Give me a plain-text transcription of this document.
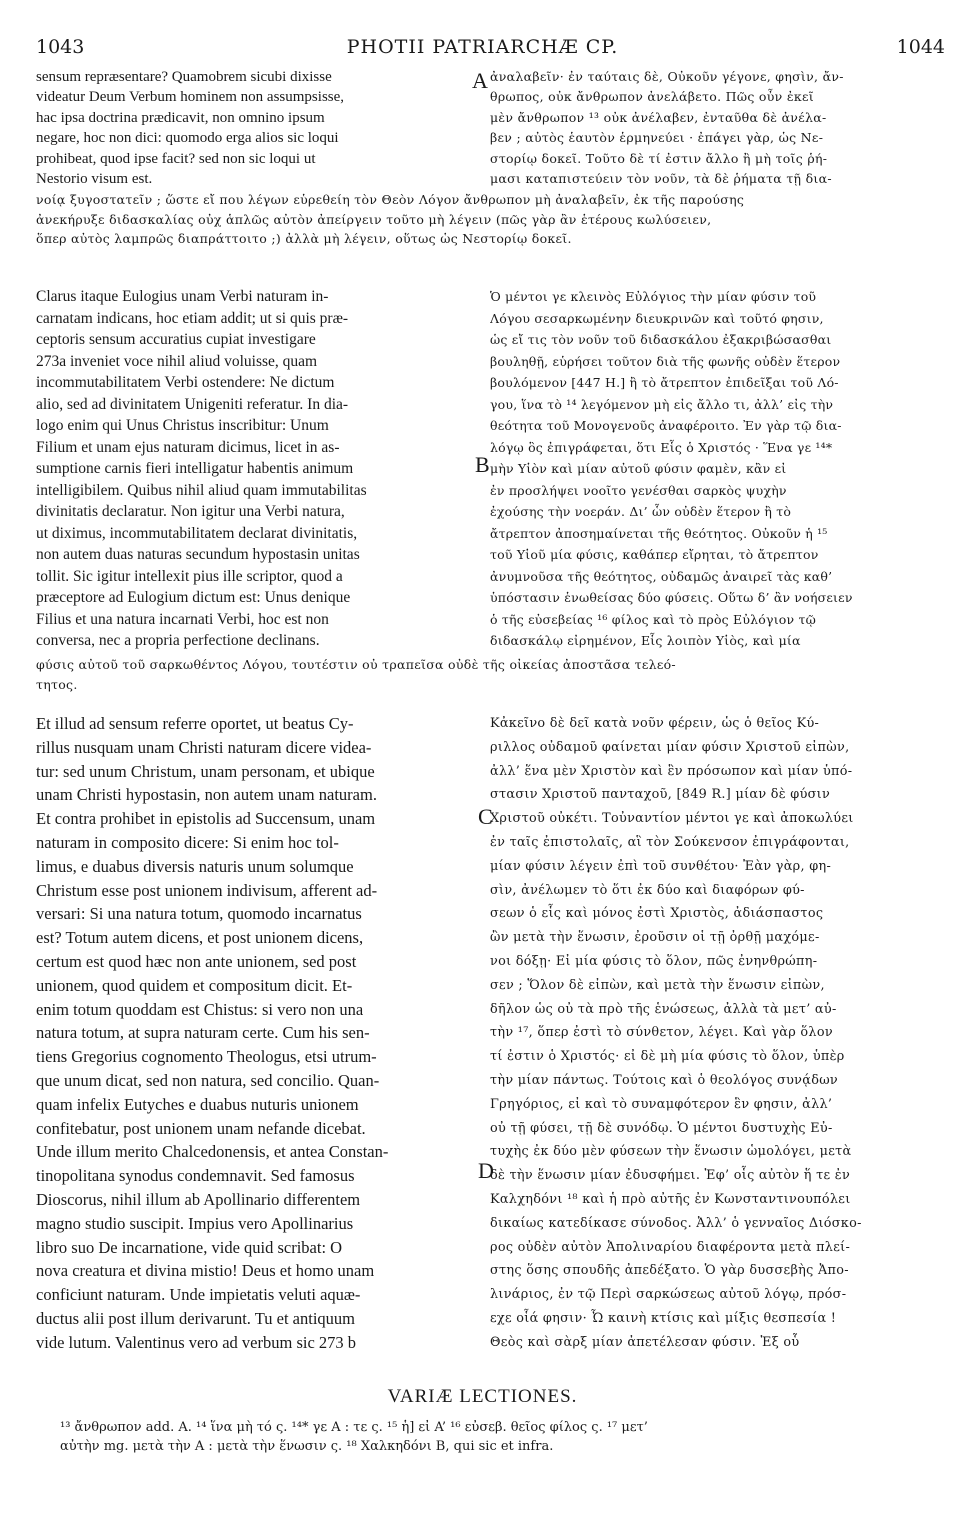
1043	PHOTII PATRIARCHÆ CP.	1044
A
B
C
D
sensum repræsentare? Quamobrem sicubi dixisse
videatur Deum Verbum hominem non assumpsisse,
hac ipsa doctrina prædicavit, non omnino ipsum
negare, hoc non dici: quomodo erga alios sic loqui
prohibeat, quod ipse facit? sed non sic loqui ut
Nestorio visum est.
ἀναλαβεῖν· ἐν ταύταις δὲ, Οὐκοῦν γέγονε, φησὶν, ἄν-
θρωπος, οὐκ ἄνθρωπον ἀνελάβετο. Πῶς οὖν ἐκεῖ
μὲν ἄνθρωπον ¹³ οὐκ ἀνέλαβεν, ἐνταῦθα δὲ ἀνέλα-
βεν ; αὐτὸς ἑαυτὸν ἑρμηνεύει · ἐπάγει γὰρ, ὡς Νε-
στορίῳ δοκεῖ. Τοῦτο δὲ τί ἐστιν ἄλλο ἢ μὴ τοῖς ῥή-
μασι καταπιστεύειν τὸν νοῦν, τὰ δὲ ῥήματα τῇ δια-
νοίᾳ ξυγοστατεῖν ; ὥστε εἴ που λέγων εὑρεθείη τὸν Θεὸν Λόγον ἄνθρωπον μὴ ἀναλαβεῖν, ἐκ τῆς παρούσης
ἀνεκήρυξε διδασκαλίας οὐχ ἁπλῶς αὐτὸν ἀπείργειν τοῦτο μὴ λέγειν (πῶς γὰρ ἂν ἑτέρους κωλύσειεν,
ὅπερ αὐτὸς λαμπρῶς διαπράττοιτο ;) ἀλλὰ μὴ λέγειν, οὕτως ὡς Νεστορίῳ δοκεῖ.
Clarus itaque Eulogius unam Verbi naturam in-
carnatam indicans, hoc etiam addit; ut si quis præ-
ceptoris sensum accuratius cupiat investigare
273a inveniet voce nihil aliud voluisse, quam
incommutabilitatem Verbi ostendere: Ne dictum
alio, sed ad divinitatem Unigeniti referatur. In dia-
logo enim qui Unus Christus inscribitur: Unum
Filium et unam ejus naturam dicimus, licet in as-
sumptione carnis fieri intelligatur habentis animum
intelligibilem. Quibus nihil aliud quam immutabilitas
divinitatis declaratur. Non igitur una Verbi natura,
ut diximus, incommutabilitatem declarat divinitatis,
non autem duas naturas secundum hypostasin unitas
tollit. Sic igitur intellexit pius ille scriptor, quod a
præceptore ad Eulogium dictum est: Unus denique
Filius et una natura incarnati Verbi, hoc est non
conversa, nec a propria perfectione declinans.
Ὁ μέντοι γε κλεινὸς Εὐλόγιος τὴν μίαν φύσιν τοῦ
Λόγου σεσαρκωμένην διευκρινῶν καὶ τοῦτό φησιν,
ὡς εἴ τις τὸν νοῦν τοῦ διδασκάλου ἐξακριβώσασθαι
βουληθῇ, εὑρήσει τοῦτον διὰ τῆς φωνῆς οὐδὲν ἕτερον
βουλόμενον [447 H.] ἢ τὸ ἄτρεπτον ἐπιδεῖξαι τοῦ Λό-
γου, ἵνα τὸ ¹⁴ λεγόμενον μὴ εἰς ἄλλο τι, ἀλλ’ εἰς τὴν
θεότητα τοῦ Μονογενοῦς ἀναφέροιτο. Ἐν γὰρ τῷ δια-
λόγῳ ὃς ἐπιγράφεται, ὅτι Εἷς ὁ Χριστός · Ἕνα γε ¹⁴*
μὴν Υἱὸν καὶ μίαν αὐτοῦ φύσιν φαμὲν, κἂν εἰ
ἐν προσλήψει νοοῖτο γενέσθαι σαρκὸς ψυχὴν
ἐχούσης τὴν νοεράν. Δι’ ὧν οὐδὲν ἕτερον ἢ τὸ
ἄτρεπτον ἀποσημαίνεται τῆς θεότητος. Οὐκοῦν ἡ ¹⁵
τοῦ Υἱοῦ μία φύσις, καθάπερ εἴρηται, τὸ ἄτρεπτον
ἀνυμνοῦσα τῆς θεότητος, οὐδαμῶς ἀναιρεῖ τὰς καθ’
ὑπόστασιν ἑνωθείσας δύο φύσεις. Οὕτω δ’ ἂν νοήσειεν
ὁ τῆς εὐσεβείας ¹⁶ φίλος καὶ τὸ πρὸς Εὐλόγιον τῷ
διδασκάλῳ εἰρημένον, Εἷς λοιπὸν Υἱὸς, καὶ μία
φύσις αὐτοῦ τοῦ σαρκωθέντος Λόγου, τουτέστιν οὐ τραπεῖσα οὐδὲ τῆς οἰκείας ἀποστᾶσα τελεό-
τητος.
Et illud ad sensum referre oportet, ut beatus Cy-
rillus nusquam unam Christi naturam dicere videa-
tur: sed unum Christum, unam personam, et ubique
unam Christi hypostasin, non autem unam naturam.
Et contra prohibet in epistolis ad Succensum, unam
naturam in composito dicere: Si enim hoc tol-
limus, e duabus diversis naturis unum solumque
Christum esse post unionem indivisum, afferent ad-
versari: Si una natura totum, quomodo incarnatus
est? Totum autem dicens, et post unionem dicens,
certum est quod hæc non ante unionem, sed post
unionem, quod quidem et compositum dicit. Et-
enim totum quoddam est Chistus: si vero non una
natura totum, at supra naturam certe. Cum his sen-
tiens Gregorius cognomento Theologus, etsi utrum-
que unum dicat, sed non natura, sed concilio. Quan-
quam infelix Eutyches e duabus nuturis unionem
confitebatur, post unionem unam nefande dicebat.
Unde illum merito Chalcedonensis, et antea Constan-
tinopolitana synodus condemnavit. Sed famosus
Dioscorus, nihil illum ab Apollinario differentem
magno studio suscipit. Impius vero Apollinarius
libro suo De incarnatione, vide quid scribat: O
nova creatura et divina mistio! Deus et homo unam
conficiunt naturam. Unde impietatis veluti aquæ-
ductus alii post illum derivarunt. Tu et antiquum
vide lutum. Valentinus vero ad verbum sic 273 b
Κἀκεῖνο δὲ δεῖ κατὰ νοῦν φέρειν, ὡς ὁ θεῖος Κύ-
ριλλος οὐδαμοῦ φαίνεται μίαν φύσιν Χριστοῦ εἰπὼν,
ἀλλ’ ἕνα μὲν Χριστὸν καὶ ἓν πρόσωπον καὶ μίαν ὑπό-
στασιν Χριστοῦ πανταχοῦ, [849 R.] μίαν δὲ φύσιν
Χριστοῦ οὐκέτι. Τοὐναντίον μέντοι γε καὶ ἀποκωλύει
ἐν ταῖς ἐπιστολαῖς, αἳ τὸν Σούκενσον ἐπιγράφονται,
μίαν φύσιν λέγειν ἐπὶ τοῦ συνθέτου· Ἐὰν γὰρ, φη-
σὶν, ἀνέλωμεν τὸ ὅτι ἐκ δύο καὶ διαφόρων φύ-
σεων ὁ εἷς καὶ μόνος ἐστὶ Χριστὸς, ἀδιάσπαστος
ὢν μετὰ τὴν ἕνωσιν, ἐροῦσιν οἱ τῇ ὀρθῇ μαχόμε-
νοι δόξῃ· Εἰ μία φύσις τὸ ὅλον, πῶς ἐνηνθρώπη-
σεν ; Ὅλον δὲ εἰπὼν, καὶ μετὰ τὴν ἕνωσιν εἰπὼν,
δῆλον ὡς οὐ τὰ πρὸ τῆς ἑνώσεως, ἀλλὰ τὰ μετ’ αὐ-
τὴν ¹⁷, ὅπερ ἐστὶ τὸ σύνθετον, λέγει. Καὶ γὰρ ὅλον
τί ἐστιν ὁ Χριστός· εἰ δὲ μὴ μία φύσις τὸ ὅλον, ὑπὲρ
τὴν μίαν πάντως. Τούτοις καὶ ὁ θεολόγος συνᾴδων
Γρηγόριος, εἰ καὶ τὸ συναμφότερον ἓν φησιν, ἀλλ’
οὐ τῇ φύσει, τῇ δὲ συνόδῳ. Ὁ μέντοι δυστυχὴς Εὐ-
τυχὴς ἐκ δύο μὲν φύσεων τὴν ἕνωσιν ὡμολόγει, μετὰ
δὲ τὴν ἕνωσιν μίαν ἐδυσφήμει. Ἐφ’ οἷς αὐτὸν ἥ τε ἐν
Καλχηδόνι ¹⁸ καὶ ἡ πρὸ αὐτῆς ἐν Κωνσταντινουπόλει
δικαίως κατεδίκασε σύνοδος. Ἀλλ’ ὁ γενναῖος Διόσκο-
ρος οὐδὲν αὐτὸν Ἀπολιναρίου διαφέροντα μετὰ πλεί-
στης ὅσης σπουδῆς ἀπεδέξατο. Ὁ γὰρ δυσσεβὴς Ἀπο-
λινάριος, ἐν τῷ Περὶ σαρκώσεως αὐτοῦ λόγῳ, πρόσ-
εχε οἷά φησιν· Ὦ καινὴ κτίσις καὶ μίξις θεσπεσία !
Θεὸς καὶ σὰρξ μίαν ἀπετέλεσαν φύσιν. Ἐξ οὗ
VARIÆ LECTIONES.
¹³ ἄνθρωπον add. A. ¹⁴ ἵνα μὴ τό ς. ¹⁴* γε A : τε ς. ¹⁵ ἡ] εἰ A’ ¹⁶ εὐσεβ. θεῖος φίλος ς. ¹⁷ μετ’
αὐτὴν mg. μετὰ τὴν A : μετὰ τὴν ἕνωσιν ς. ¹⁸ Χαλκηδόνι B, qui sic et infra.
